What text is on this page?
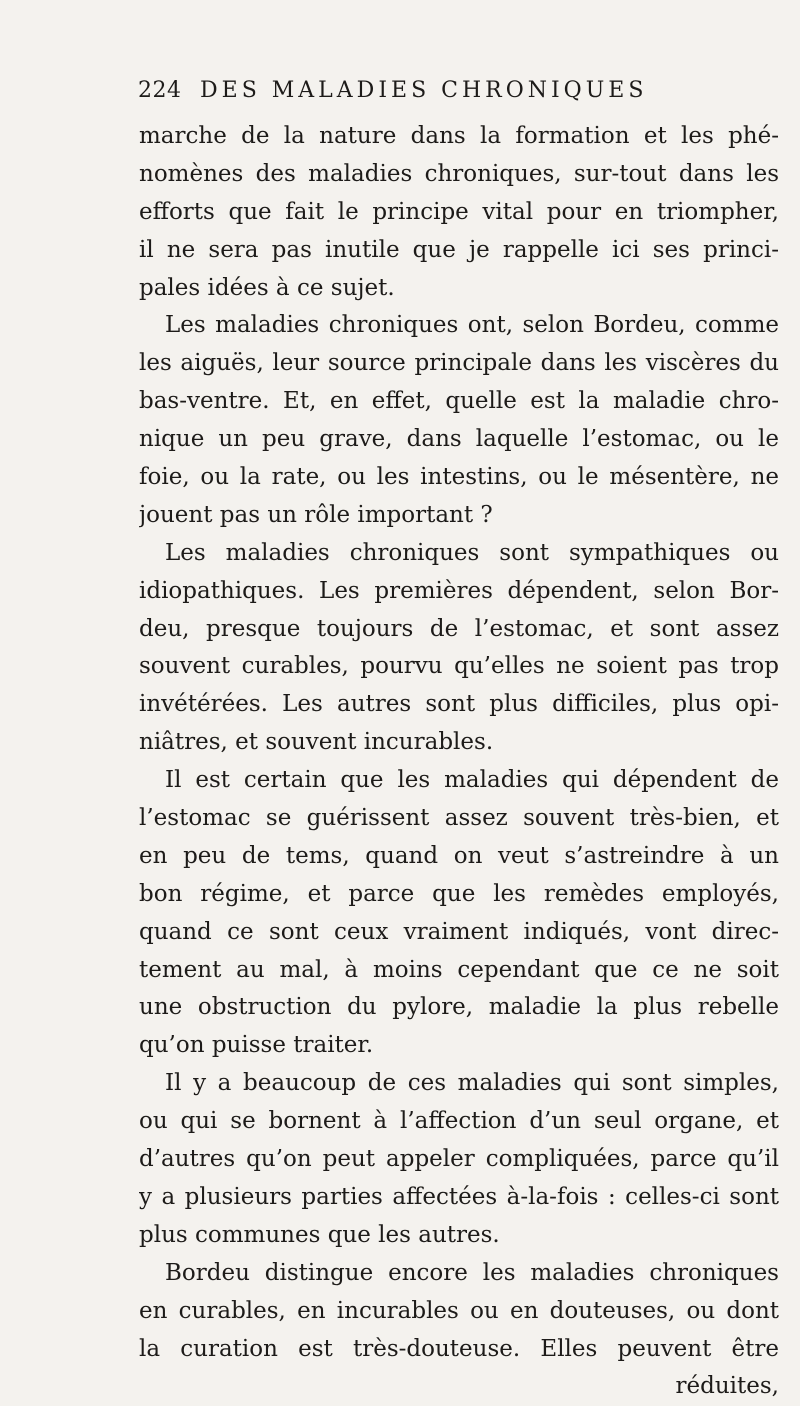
224 DES MALADIES CHRONIQUES
marche de la nature dans la formation et les phé-
nomènes des maladies chroniques, sur-tout dans les
efforts que fait le principe vital pour en triompher,
il ne sera pas inutile que je rappelle ici ses princi-
pales idées à ce sujet.
Les maladies chroniques ont, selon Bordeu, comme
les aiguës, leur source principale dans les viscères du
bas-ventre. Et, en effet, quelle est la maladie chro-
nique un peu grave, dans laquelle l’estomac, ou le
foie, ou la rate, ou les intestins, ou le mésentère, ne
jouent pas un rôle important ?
Les maladies chroniques sont sympathiques ou
idiopathiques. Les premières dépendent, selon Bor-
deu, presque toujours de l’estomac, et sont assez
souvent curables, pourvu qu’elles ne soient pas trop
invétérées. Les autres sont plus difficiles, plus opi-
niâtres, et souvent incurables.
Il est certain que les maladies qui dépendent de
l’estomac se guérissent assez souvent très-bien, et
en peu de tems, quand on veut s’astreindre à un
bon régime, et parce que les remèdes employés,
quand ce sont ceux vraiment indiqués, vont direc-
tement au mal, à moins cependant que ce ne soit
une obstruction du pylore, maladie la plus rebelle
qu’on puisse traiter.
Il y a beaucoup de ces maladies qui sont simples,
ou qui se bornent à l’affection d’un seul organe, et
d’autres qu’on peut appeler compliquées, parce qu’il
y a plusieurs parties affectées à-la-fois : celles-ci sont
plus communes que les autres.
Bordeu distingue encore les maladies chroniques
en curables, en incurables ou en douteuses, ou dont
la curation est très-douteuse. Elles peuvent être
réduites,
